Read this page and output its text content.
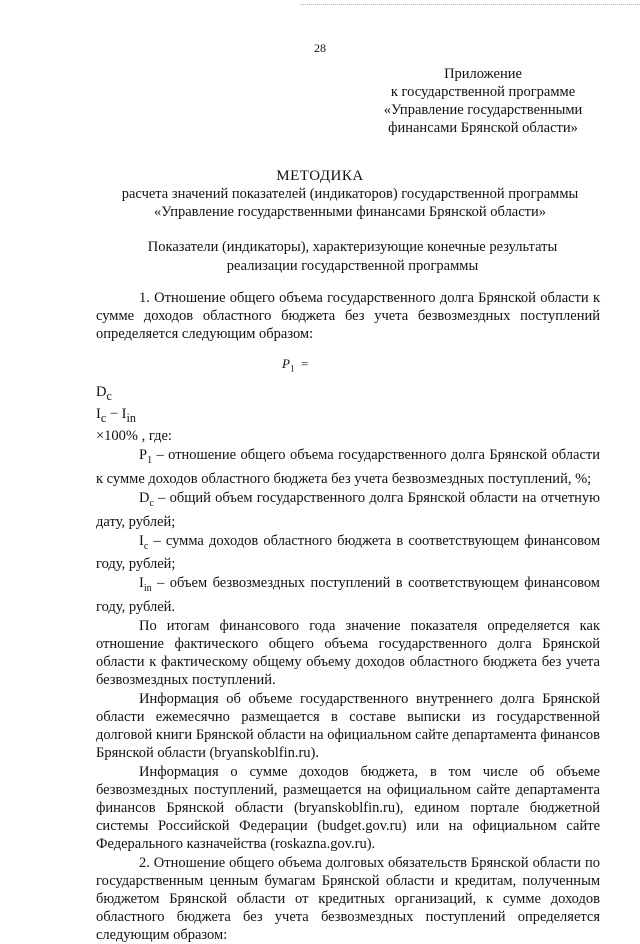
28
Приложение
к государственной программе
«Управление государственными
финансами Брянской области»
МЕТОДИКА
расчета значений показателей (индикаторов) государственной программы
«Управление государственными финансами Брянской области»
Показатели (индикаторы), характеризующие конечные результаты
реализации государственной программы

1. Отношение общего объема государственного долга Брянской области к сумме доходов областного бюджета без учета безвозмездных поступлений определяется следующим образом:

$P_1$ =

$D_c$
$I_c - I_{in}$
×100% , где:

$P_1$ – отношение общего объема государственного долга Брянской области к сумме доходов областного бюджета без учета безвозмездных поступлений, %;

$D_c$ – общий объем государственного долга Брянской области на отчетную дату, рублей;

$I_c$ – сумма доходов областного бюджета в соответствующем финансовом году, рублей;

$I_{in}$ – объем безвозмездных поступлений в соответствующем финансовом году, рублей.

По итогам финансового года значение показателя определяется как отношение фактического общего объема государственного долга Брянской области к фактическому общему объему доходов областного бюджета без учета безвозмездных поступлений.

Информация об объеме государственного внутреннего долга Брянской области ежемесячно размещается в составе выписки из государственной долговой книги Брянской области на официальном сайте департамента финансов Брянской области (bryanskoblfin.ru).

Информация о сумме доходов бюджета, в том числе об объеме безвозмездных поступлений, размещается на официальном сайте департамента финансов Брянской области (bryanskoblfin.ru), едином портале бюджетной системы Российской Федерации (budget.gov.ru) или на официальном сайте Федерального казначейства (roskazna.gov.ru).

2. Отношение общего объема долговых обязательств Брянской области по государственным ценным бумагам Брянской области и кредитам, полученным бюджетом Брянской области от кредитных организаций, к сумме доходов областного бюджета без учета безвозмездных поступлений определяется следующим образом:
